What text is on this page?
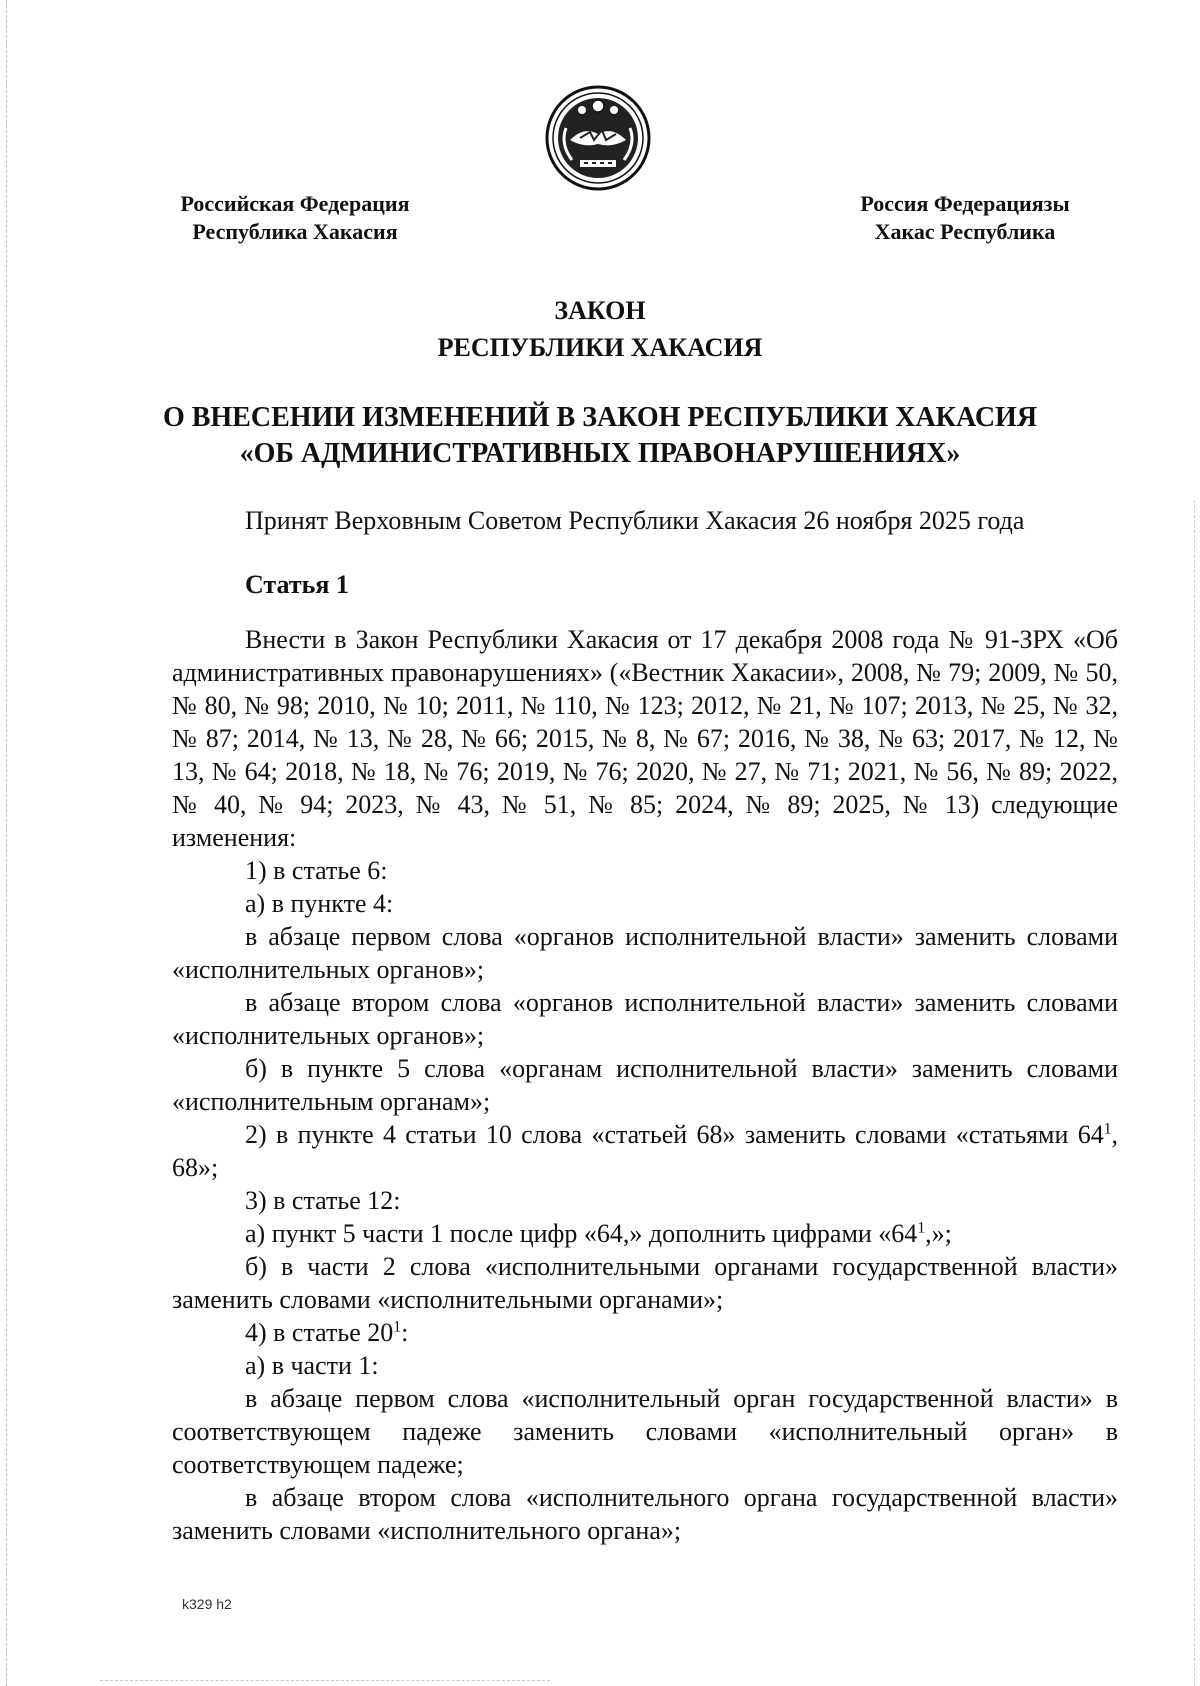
Российская Федерация
Республика Хакасия
Россия Федерациязы
Хакас Республика
ЗАКОН
РЕСПУБЛИКИ ХАКАСИЯ
О ВНЕСЕНИИ ИЗМЕНЕНИЙ В ЗАКОН РЕСПУБЛИКИ ХАКАСИЯ
«ОБ АДМИНИСТРАТИВНЫХ ПРАВОНАРУШЕНИЯХ»
Принят Верховным Советом Республики Хакасия 26 ноября 2025 года
Статья 1

Внести в Закон Республики Хакасия от 17 декабря 2008 года № 91-ЗРХ «Об административных правонарушениях» («Вестник Хакасии», 2008, № 79; 2009, № 50, № 80, № 98; 2010, № 10; 2011, № 110, № 123; 2012, № 21, № 107; 2013, № 25, № 32, № 87; 2014, № 13, № 28, № 66; 2015, № 8, № 67; 2016, № 38, № 63; 2017, № 12, № 13, № 64; 2018, № 18, № 76; 2019, № 76; 2020, № 27, № 71; 2021, № 56, № 89; 2022, № 40, № 94; 2023, № 43, № 51, № 85; 2024, № 89; 2025, № 13) следующие изменения:

1) в статье 6:

а) в пункте 4:

в абзаце первом слова «органов исполнительной власти» заменить словами «исполнительных органов»;

в абзаце втором слова «органов исполнительной власти» заменить словами «исполнительных органов»;

б) в пункте 5 слова «органам исполнительной власти» заменить словами «исполнительным органам»;

2) в пункте 4 статьи 10 слова «статьей 68» заменить словами «статьями $64^1$, 68»;

3) в статье 12:

а) пункт 5 части 1 после цифр «64,» дополнить цифрами «$64^1$,»;

б) в части 2 слова «исполнительными органами государственной власти» заменить словами «исполнительными органами»;

4) в статье $20^1$:

а) в части 1:

в абзаце первом слова «исполнительный орган государственной власти» в соответствующем падеже заменить словами «исполнительный орган» в соответствующем падеже;

в абзаце втором слова «исполнительного органа государственной власти» заменить словами «исполнительного органа»;

k329 h2
